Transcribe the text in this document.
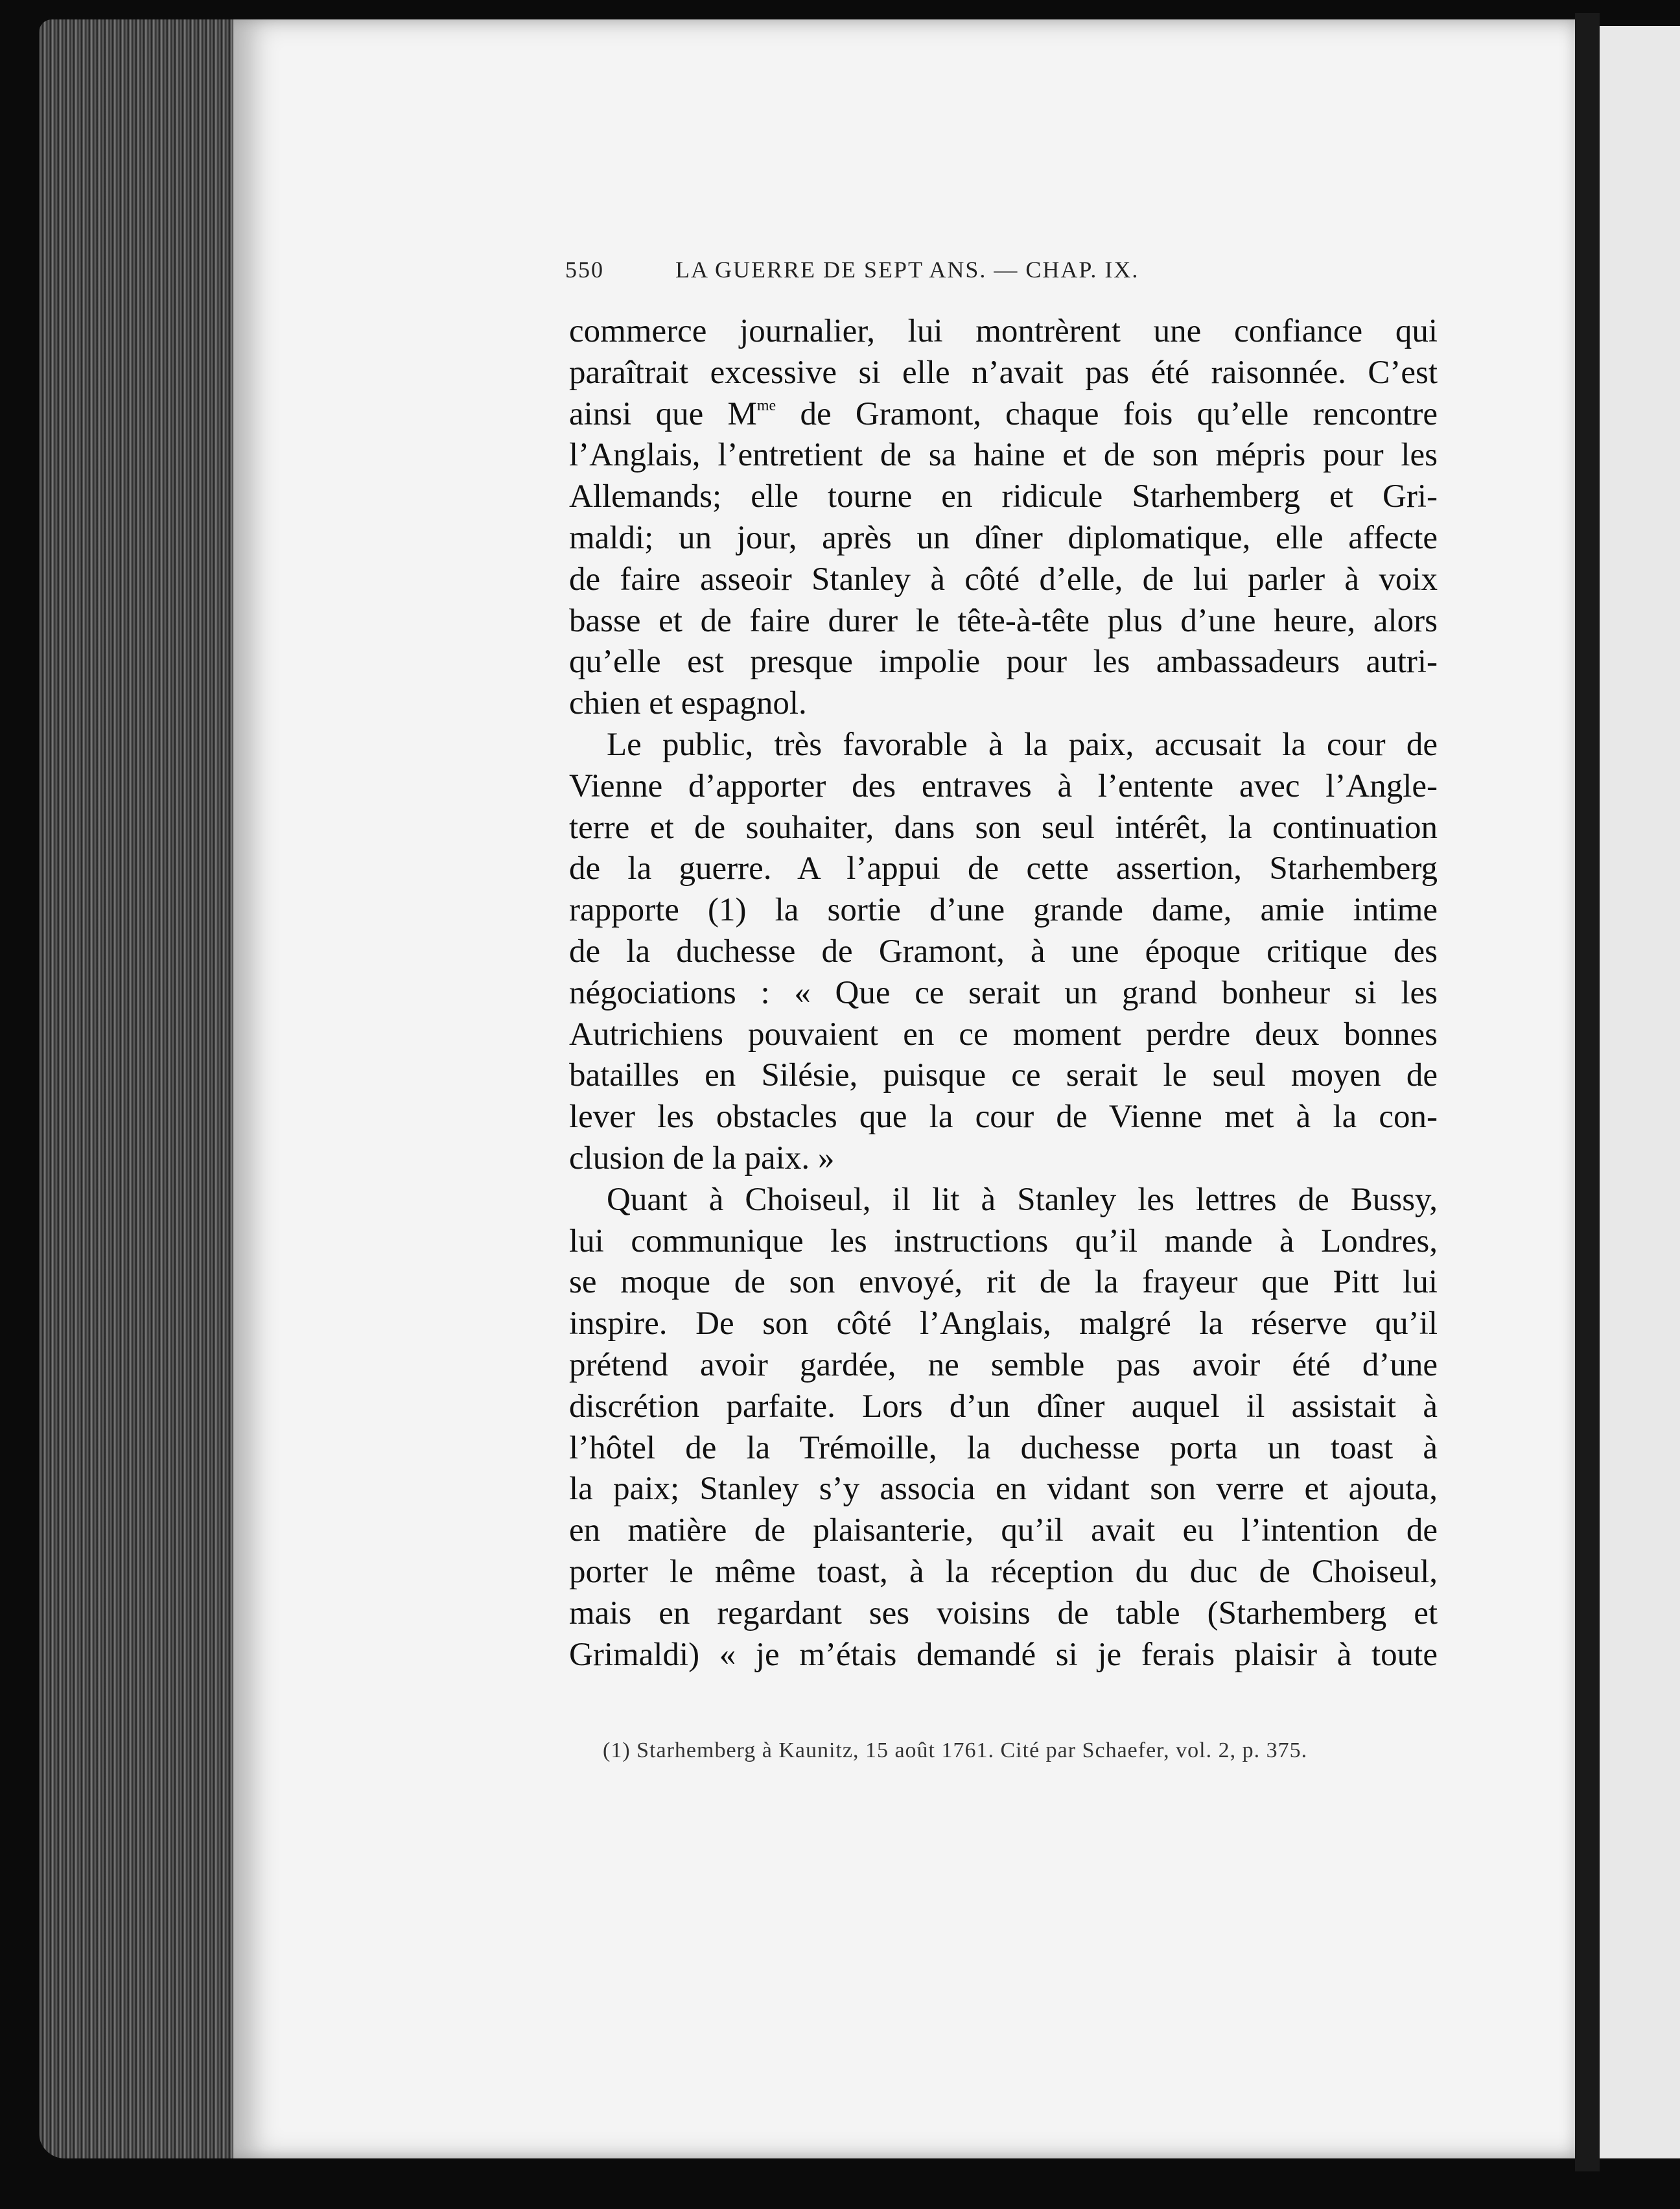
550	LA GUERRE DE SEPT ANS. — CHAP. IX.
commerce journalier, lui montrèrent une confiance qui
paraîtrait excessive si elle n’avait pas été raisonnée. C’est
ainsi que $M^{me}$ de Gramont, chaque fois qu’elle rencontre
l’Anglais, l’entretient de sa haine et de son mépris pour les
Allemands; elle tourne en ridicule Starhemberg et Gri-
maldi; un jour, après un dîner diplomatique, elle affecte
de faire asseoir Stanley à côté d’elle, de lui parler à voix
basse et de faire durer le tête-à-tête plus d’une heure, alors
qu’elle est presque impolie pour les ambassadeurs autri-
chien et espagnol.
Le public, très favorable à la paix, accusait la cour de
Vienne d’apporter des entraves à l’entente avec l’Angle-
terre et de souhaiter, dans son seul intérêt, la continuation
de la guerre. A l’appui de cette assertion, Starhemberg
rapporte (1) la sortie d’une grande dame, amie intime
de la duchesse de Gramont, à une époque critique des
négociations : « Que ce serait un grand bonheur si les
Autrichiens pouvaient en ce moment perdre deux bonnes
batailles en Silésie, puisque ce serait le seul moyen de
lever les obstacles que la cour de Vienne met à la con-
clusion de la paix. »
Quant à Choiseul, il lit à Stanley les lettres de Bussy,
lui communique les instructions qu’il mande à Londres,
se moque de son envoyé, rit de la frayeur que Pitt lui
inspire. De son côté l’Anglais, malgré la réserve qu’il
prétend avoir gardée, ne semble pas avoir été d’une
discrétion parfaite. Lors d’un dîner auquel il assistait à
l’hôtel de la Trémoille, la duchesse porta un toast à
la paix; Stanley s’y associa en vidant son verre et ajouta,
en matière de plaisanterie, qu’il avait eu l’intention de
porter le même toast, à la réception du duc de Choiseul,
mais en regardant ses voisins de table (Starhemberg et
Grimaldi) « je m’étais demandé si je ferais plaisir à toute
(1) Starhemberg à Kaunitz, 15 août 1761. Cité par Schaefer, vol. 2, p. 375.
